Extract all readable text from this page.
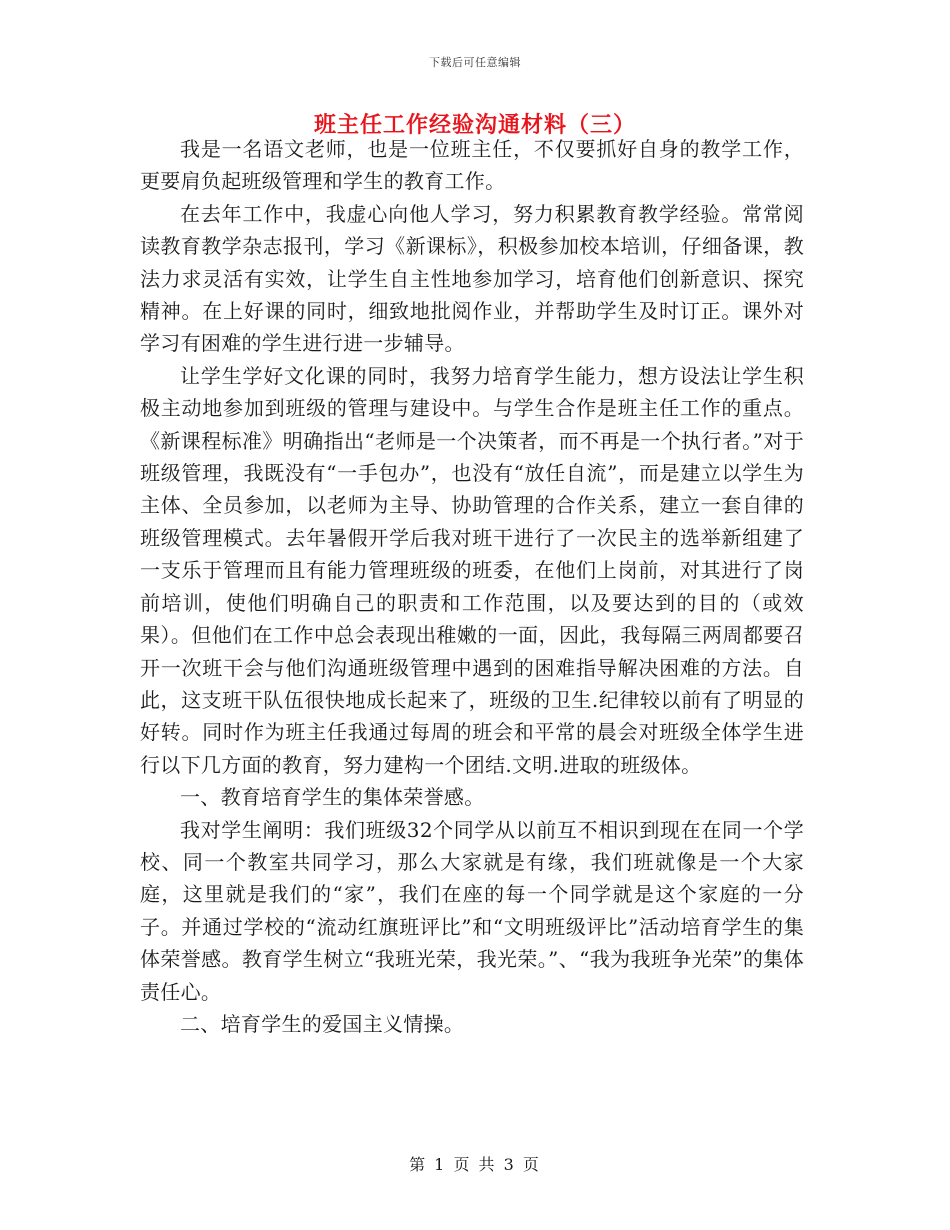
下载后可任意编辑
班主任工作经验沟通材料（三）

我是一名语文老师，也是一位班主任，不仅要抓好自身的教学工作，更要肩负起班级管理和学生的教育工作。

在去年工作中，我虚心向他人学习，努力积累教育教学经验。常常阅读教育教学杂志报刊，学习《新课标》，积极参加校本培训，仔细备课，教法力求灵活有实效，让学生自主性地参加学习，培育他们创新意识、探究精神。在上好课的同时，细致地批阅作业，并帮助学生及时订正。课外对学习有困难的学生进行进一步辅导。

让学生学好文化课的同时，我努力培育学生能力，想方设法让学生积极主动地参加到班级的管理与建设中。与学生合作是班主任工作的重点。《新课程标准》明确指出“老师是一个决策者，而不再是一个执行者。”对于班级管理，我既没有“一手包办”，也没有“放任自流”，而是建立以学生为主体、全员参加，以老师为主导、协助管理的合作关系，建立一套自律的班级管理模式。去年暑假开学后我对班干进行了一次民主的选举新组建了一支乐于管理而且有能力管理班级的班委，在他们上岗前，对其进行了岗前培训，使他们明确自己的职责和工作范围，以及要达到的目的（或效果）。但他们在工作中总会表现出稚嫩的一面，因此，我每隔三两周都要召开一次班干会与他们沟通班级管理中遇到的困难指导解决困难的方法。自此，这支班干队伍很快地成长起来了，班级的卫生.纪律较以前有了明显的好转。同时作为班主任我通过每周的班会和平常的晨会对班级全体学生进行以下几方面的教育，努力建构一个团结.文明.进取的班级体。

一、教育培育学生的集体荣誉感。

我对学生阐明：我们班级32个同学从以前互不相识到现在在同一个学校、同一个教室共同学习，那么大家就是有缘，我们班就像是一个大家庭，这里就是我们的“家”，我们在座的每一个同学就是这个家庭的一分子。并通过学校的“流动红旗班评比”和“文明班级评比”活动培育学生的集体荣誉感。教育学生树立“我班光荣，我光荣。”、“我为我班争光荣”的集体责任心。

二、培育学生的爱国主义情操。

第 1 页 共 3 页
